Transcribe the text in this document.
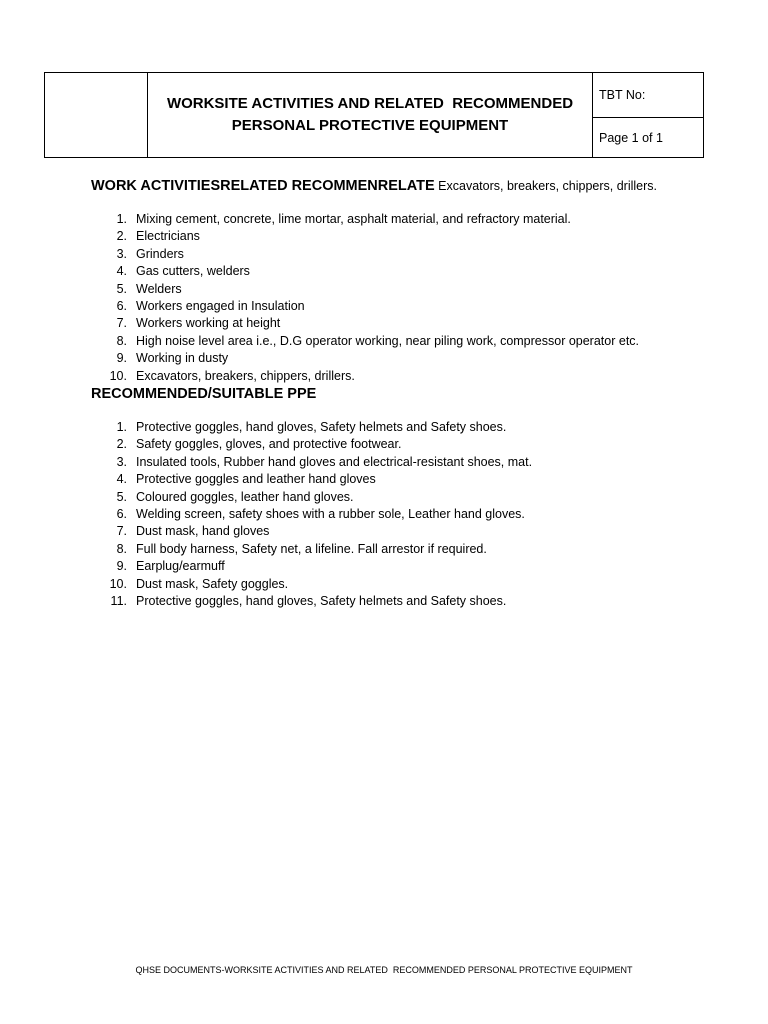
WORKSITE ACTIVITIES AND RELATED  RECOMMENDED
PERSONAL PROTECTIVE EQUIPMENT
TBT No:
Page 1 of 1
WORK ACTIVITIESRELATED RECOMMENRELATE Excavators, breakers, chippers, drillers.
1. Mixing cement, concrete, lime mortar, asphalt material, and refractory material.
2. Electricians
3. Grinders
4. Gas cutters, welders
5. Welders
6. Workers engaged in Insulation
7. Workers working at height
8. High noise level area i.e., D.G operator working, near piling work, compressor operator etc.
9. Working in dusty
10. Excavators, breakers, chippers, drillers.
RECOMMENDED/SUITABLE PPE
1. Protective goggles, hand gloves, Safety helmets and Safety shoes.
2. Safety goggles, gloves, and protective footwear.
3. Insulated tools, Rubber hand gloves and electrical-resistant shoes, mat.
4. Protective goggles and leather hand gloves
5. Coloured goggles, leather hand gloves.
6. Welding screen, safety shoes with a rubber sole, Leather hand gloves.
7. Dust mask, hand gloves
8. Full body harness, Safety net, a lifeline. Fall arrestor if required.
9. Earplug/earmuff
10. Dust mask, Safety goggles.
11. Protective goggles, hand gloves, Safety helmets and Safety shoes.
QHSE DOCUMENTS-WORKSITE ACTIVITIES AND RELATED  RECOMMENDED PERSONAL PROTECTIVE EQUIPMENT
